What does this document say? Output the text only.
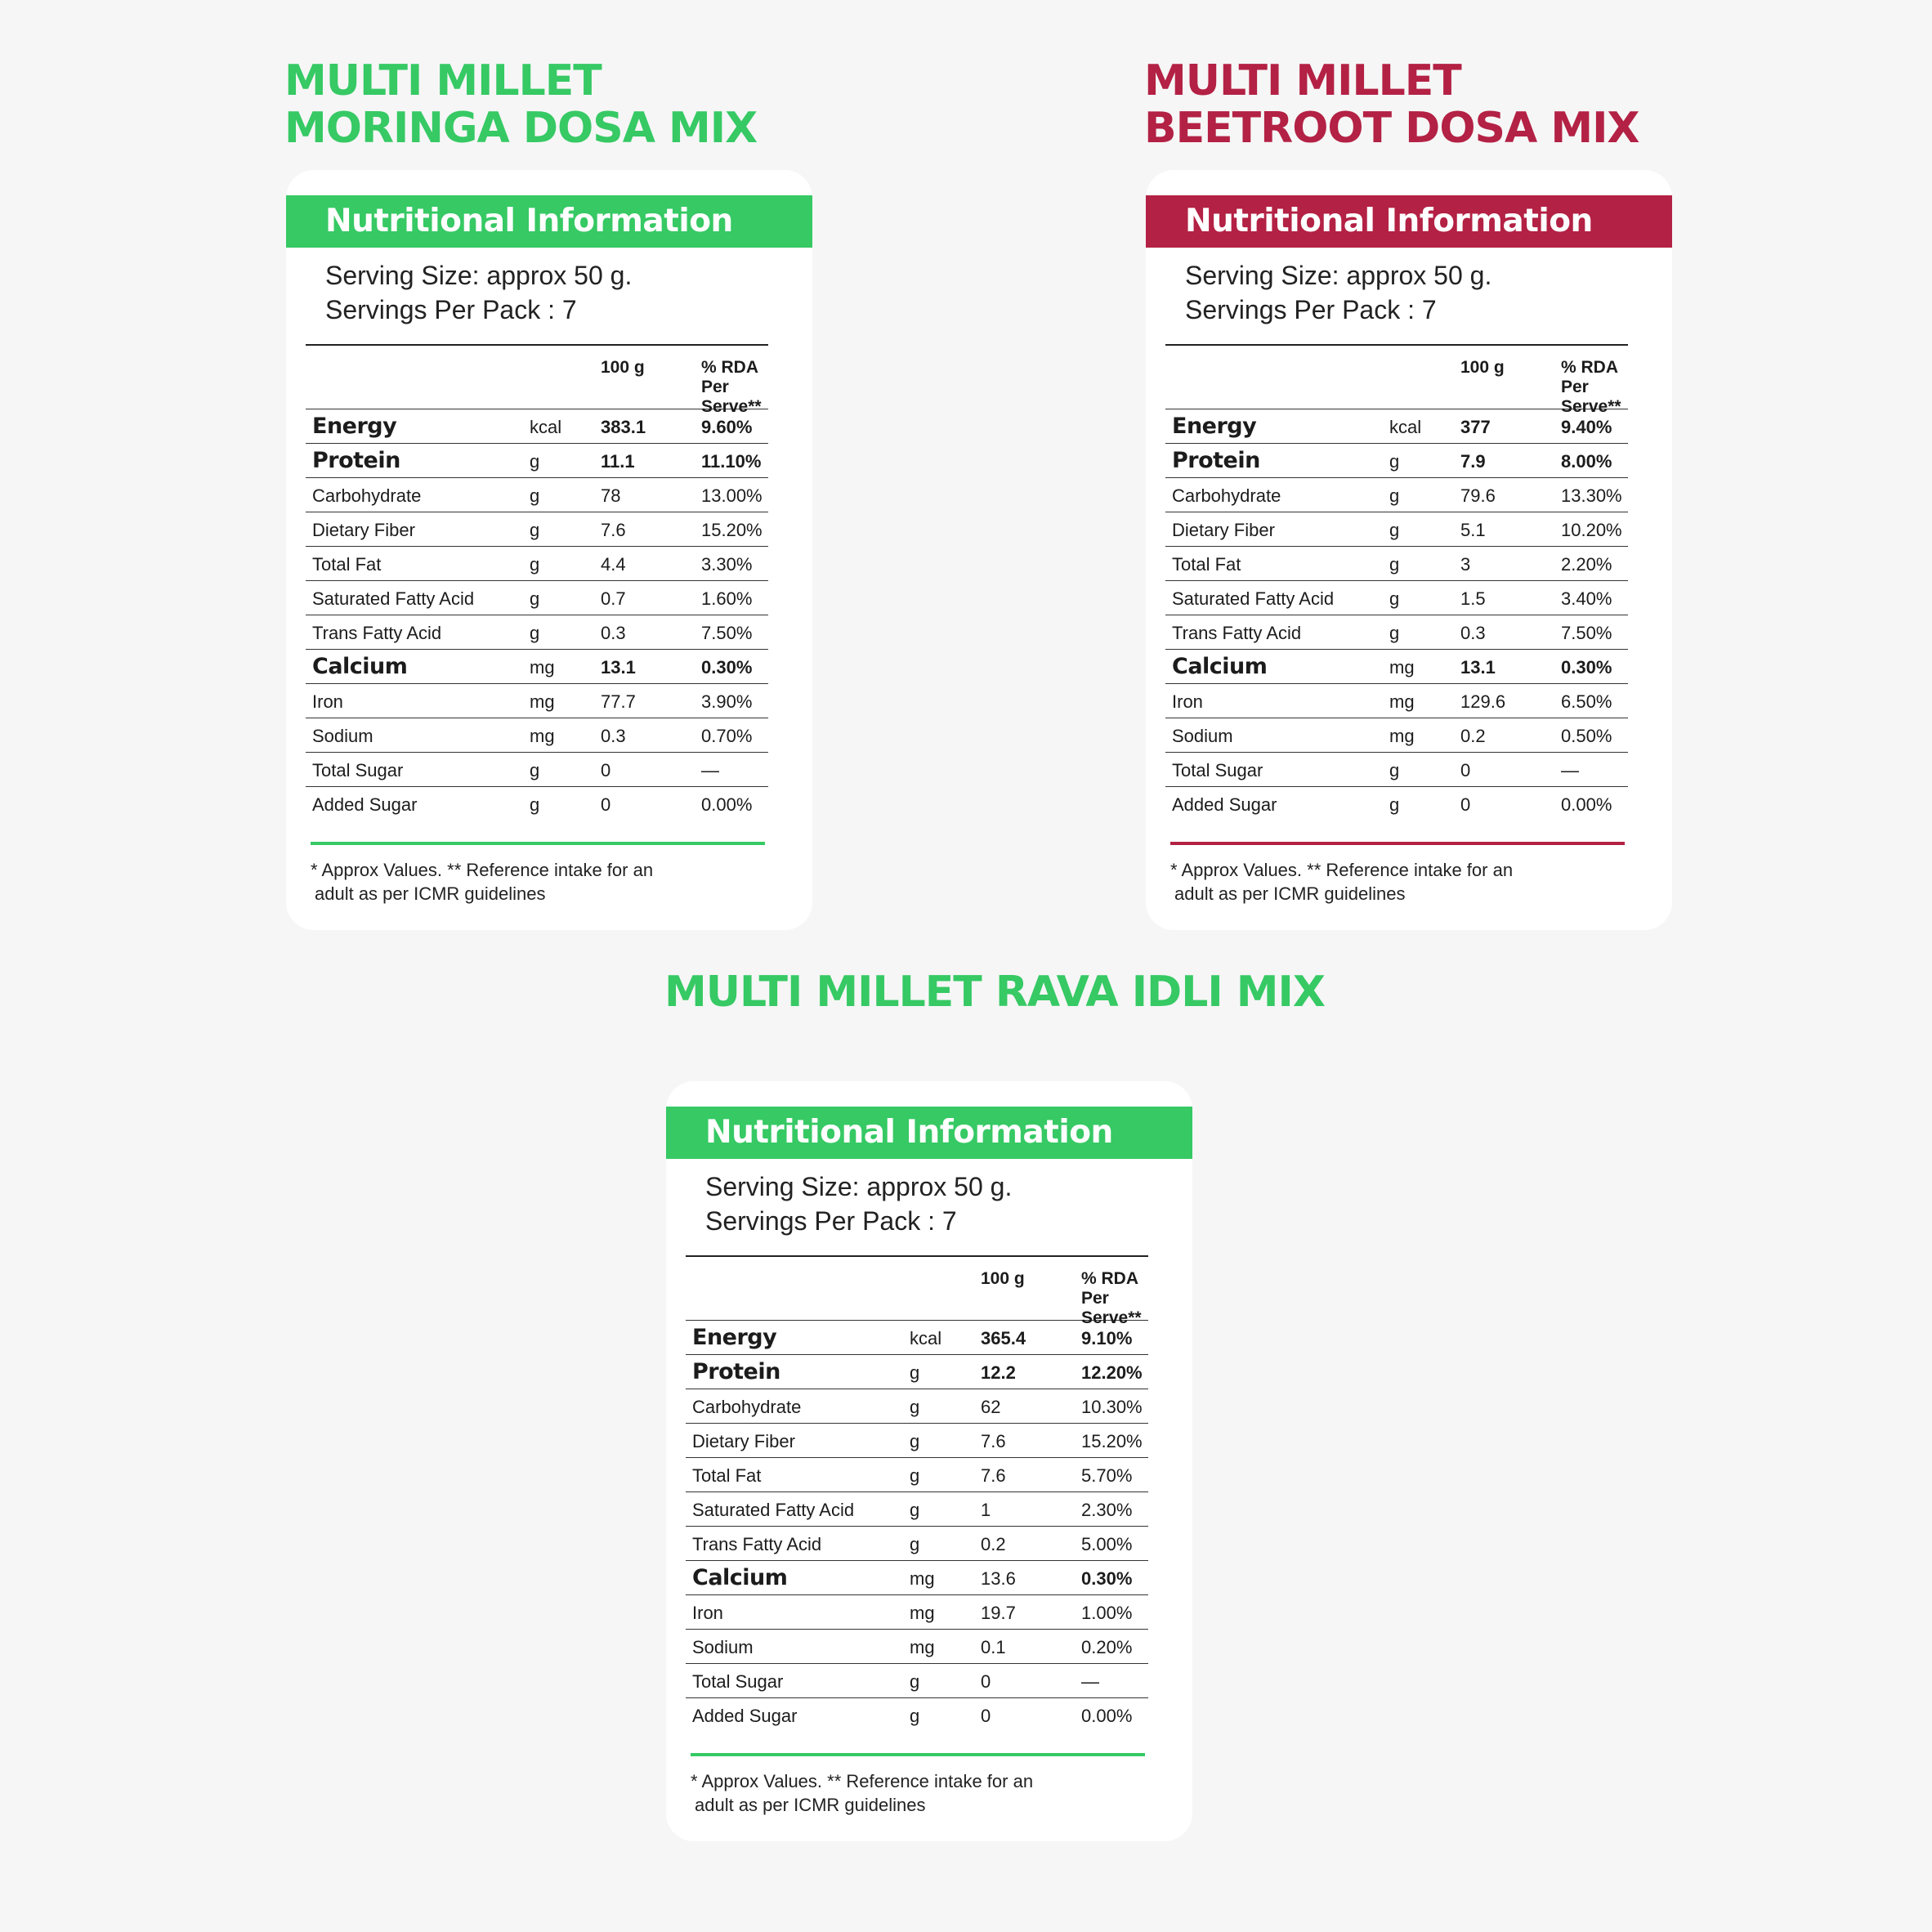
MULTI MILLET
MORINGA DOSA MIX
Nutritional Information
Serving Size: approx 50 g.
Servings Per Pack : 7
100 g	% RDA Per Serve**
Energy	kcal 383.1	9.60%
Protein	g	11.1	11.10%
Carbohydrate	g	78	13.00%
Dietary Fiber	g	7.6	15.20%
Total Fat	g	4.4	3.30%
Saturated Fatty Acid	g	0.7	1.60%
Trans Fatty Acid	g	0.3	7.50%
Calcium	mg	13.1	0.30%
Iron	mg	77.7	3.90%
Sodium	mg	0.3	0.70%
Total Sugar	g	0	—
Added Sugar	g	0	0.00%
* Approx Values. ** Reference intake for an
adult as per ICMR guidelines
MULTI MILLET
BEETROOT DOSA MIX
Nutritional Information
Serving Size: approx 50 g.
Servings Per Pack : 7
100 g	% RDA Per Serve**
Energy	kcal 377	9.40%
Protein	g	7.9	8.00%
Carbohydrate	g	79.6	13.30%
Dietary Fiber	g	5.1	10.20%
Total Fat	g	3	2.20%
Saturated Fatty Acid	g	1.5	3.40%
Trans Fatty Acid	g	0.3	7.50%
Calcium	mg	13.1	0.30%
Iron	mg	129.6	6.50%
Sodium	mg	0.2	0.50%
Total Sugar	g	0	—
Added Sugar	g	0	0.00%
* Approx Values. ** Reference intake for an
adult as per ICMR guidelines
MULTI MILLET RAVA IDLI MIX
Nutritional Information
Serving Size: approx 50 g.
Servings Per Pack : 7
100 g	% RDA Per Serve**
Energy	kcal 365.4	9.10%
Protein	g	12.2	12.20%
Carbohydrate	g	62	10.30%
Dietary Fiber	g	7.6	15.20%
Total Fat	g	7.6	5.70%
Saturated Fatty Acid	g	1	2.30%
Trans Fatty Acid	g	0.2	5.00%
Calcium	mg	13.6	0.30%
Iron	mg	19.7	1.00%
Sodium	mg	0.1	0.20%
Total Sugar	g	0	—
Added Sugar	g	0	0.00%
* Approx Values. ** Reference intake for an
adult as per ICMR guidelines
